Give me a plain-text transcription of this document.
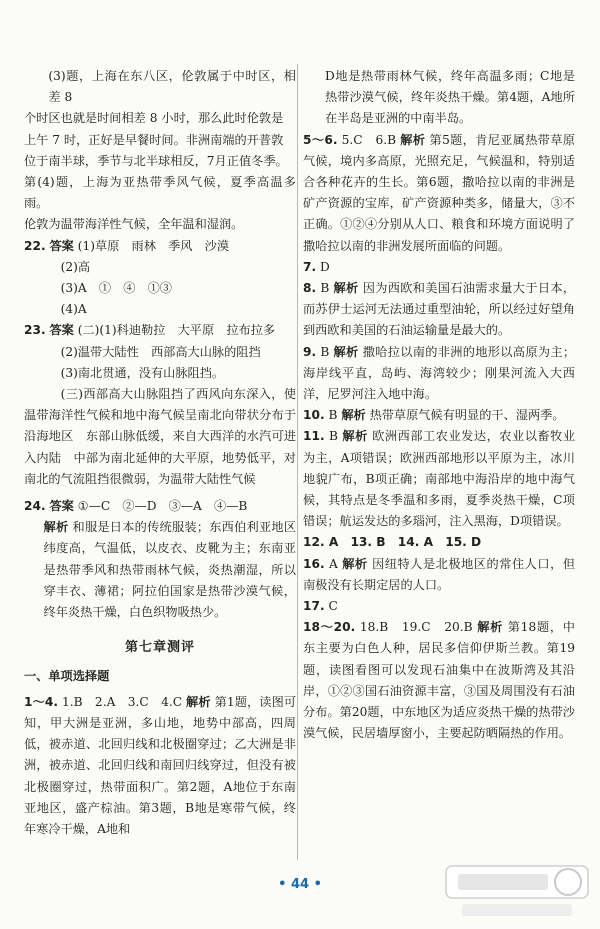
(3)题，上海在东八区，伦敦属于中时区，相差 8

个时区也就是时间相差 8 小时，那么此时伦敦是

上午 7 时，正好是早餐时间。非洲南端的开普敦

位于南半球，季节与北半球相反，7月正值冬季。

第(4)题，上海为亚热带季风气候，夏季高温多雨。

伦敦为温带海洋性气候，全年温和湿润。

22. 答案 (1)草原　雨林　季风　沙漠

(2)高

(3)A　①　④　①③

(4)A

23. 答案 (二)(1)科迪勒拉　大平原　拉布拉多

(2)温带大陆性　西部高大山脉的阻挡

(3)南北贯通，没有山脉阻挡。

(三)西部高大山脉阻挡了西风向东深入，使温带海洋性气候和地中海气候呈南北向带状分布于沿海地区　东部山脉低缓，来自大西洋的水汽可进入内陆　中部为南北延伸的大平原，地势低平，对南北的气流阻挡很微弱，为温带大陆性气候

24. 答案 ①—C　②—D　③—A　④—B

解析 和服是日本的传统服装；东西伯利亚地区纬度高，气温低，以皮衣、皮靴为主；东南亚是热带季风和热带雨林气候，炎热潮湿，所以穿丰衣、薄裙；阿拉伯国家是热带沙漠气候，终年炎热干燥，白色织物吸热少。

第七章测评
一、单项选择题

1～4. 1.B　2.A　3.C　4.C 解析 第1题，读图可知，甲大洲是亚洲，多山地，地势中部高，四周低，被赤道、北回归线和北极圈穿过；乙大洲是非洲，被赤道、北回归线和南回归线穿过，但没有被北极圈穿过，热带面积广。第2题，A地位于东南亚地区，盛产棕油。第3题，B地是寒带气候，终年寒冷干燥，A地和

D地是热带雨林气候，终年高温多雨；C地是热带沙漠气候，终年炎热干燥。第4题，A地所在半岛是亚洲的中南半岛。

5～6. 5.C　6.B 解析 第5题，肯尼亚属热带草原气候，境内多高原，光照充足，气候温和，特别适合各种花卉的生长。第6题，撒哈拉以南的非洲是矿产资源的宝库，矿产资源种类多，储量大，③不正确。①②④分别从人口、粮食和环境方面说明了撒哈拉以南的非洲发展所面临的问题。

7. D

8. B 解析 因为西欧和美国石油需求量大于日本，而苏伊士运河无法通过重型油轮，所以经过好望角到西欧和美国的石油运输量是最大的。

9. B 解析 撒哈拉以南的非洲的地形以高原为主；海岸线平直，岛屿、海湾较少；刚果河流入大西洋，尼罗河注入地中海。

10. B 解析 热带草原气候有明显的干、湿两季。

11. B 解析 欧洲西部工农业发达，农业以畜牧业为主，A项错误；欧洲西部地形以平原为主，冰川地貌广布，B项正确；南部地中海沿岸的地中海气候，其特点是冬季温和多雨，夏季炎热干燥，C项错误；航运发达的多瑙河，注入黑海，D项错误。

12. A　13. B　14. A　15. D

16. A 解析 因纽特人是北极地区的常住人口，但南极没有长期定居的人口。

17. C

18～20. 18.B　19.C　20.B 解析 第18题，中东主要为白色人种，居民多信仰伊斯兰教。第19题，读图看图可以发现石油集中在波斯湾及其沿岸，①②③国石油资源丰富，③国及周围没有石油分布。第20题，中东地区为适应炎热干燥的热带沙漠气候，民居墙厚窗小，主要起防晒隔热的作用。

• 44 •
